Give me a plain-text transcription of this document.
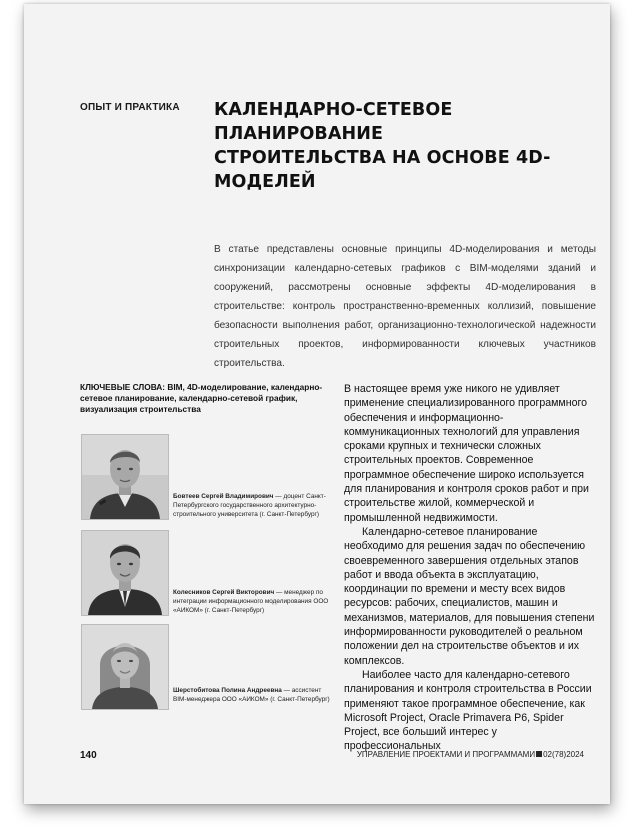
ОПЫТ И ПРАКТИКА КАЛЕНДАРНО-СЕТЕВОЕ ПЛАНИРОВАНИЕ
СТРОИТЕЛЬСТВА НА ОСНОВЕ 4D-МОДЕЛЕЙ
В статье представлены основные принципы 4D-моделирования и методы синхронизации календарно-сетевых графиков с BIM-моделями зданий и сооружений, рассмотрены основные эффекты 4D-моделирования в строительстве: контроль пространственно-временных коллизий, повышение безопасности выполнения работ, организационно-технологической надежности строительных проектов, информированности ключевых участников строительства.
КЛЮЧЕВЫЕ СЛОВА: BIM, 4D-моделирование, календарно-сетевое планирование, календарно-сетевой график, визуализация строительства
Бовтеев Сергей Владимирович — доцент Санкт-Петербургского государственного архитектурно-строительного университета (г. Санкт-Петербург)
Колесников Сергей Викторович — менеджер по интеграции информационного моделирования ООО «АИКОМ» (г. Санкт-Петербург)
Шерстобитова Полина Андреевна — ассистент BIM-менеджера ООО «АИКОМ» (г. Санкт-Петербург)

В настоящее время уже никого не удивляет применение специализированного программного обеспечения и информационно-коммуникационных технологий для управления сроками крупных и технически сложных строительных проектов. Современное программное обеспечение широко используется для планирования и контроля сроков работ и при строительстве жилой, коммерческой и промышленной недвижимости.

Календарно-сетевое планирование необходимо для решения задач по обеспечению своевременного завершения отдельных этапов работ и ввода объекта в эксплуатацию, координации по времени и месту всех видов ресурсов: рабочих, специалистов, машин и механизмов, материалов, для повышения степени информированности руководителей о реальном положении дел на строительстве объектов и их комплексов.

Наиболее часто для календарно-сетевого планирования и контроля строительства в России применяют такое программное обеспечение, как Microsoft Project, Oracle Primavera P6, Spider Project, все больший интерес у профессиональных

140	УПРАВЛЕНИЕ ПРОЕКТАМИ И ПРОГРАММАМИ 02(78)2024
